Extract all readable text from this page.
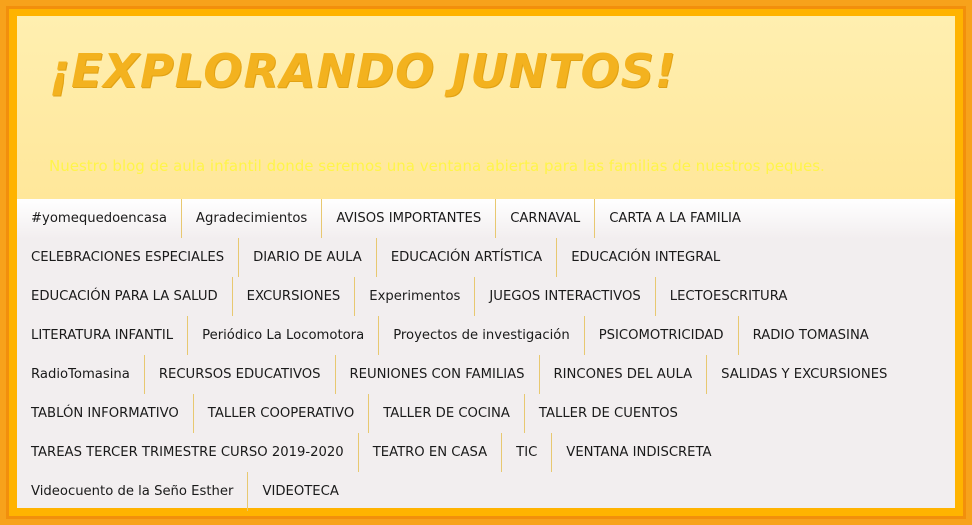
¡EXPLORANDO JUNTOS!
Nuestro blog de aula infantil donde seremos una ventana abierta para las familias de nuestros peques.
#yomequedoencasa	Agradecimientos	AVISOS IMPORTANTES	CARNAVAL	CARTA A LA FAMILIA
CELEBRACIONES ESPECIALES	DIARIO DE AULA	EDUCACIÓN ARTÍSTICA	EDUCACIÓN INTEGRAL
EDUCACIÓN PARA LA SALUD	EXCURSIONES	Experimentos	JUEGOS INTERACTIVOS	LECTOESCRITURA
LITERATURA INFANTIL	Periódico La Locomotora	Proyectos de investigación	PSICOMOTRICIDAD	RADIO TOMASINA
RadioTomasina	RECURSOS EDUCATIVOS	REUNIONES CON FAMILIAS	RINCONES DEL AULA	SALIDAS Y EXCURSIONES
TABLÓN INFORMATIVO	TALLER COOPERATIVO	TALLER DE COCINA	TALLER DE CUENTOS
TAREAS TERCER TRIMESTRE CURSO 2019-2020	TEATRO EN CASA	TIC	VENTANA INDISCRETA
Videocuento de la Seño Esther	VIDEOTECA
